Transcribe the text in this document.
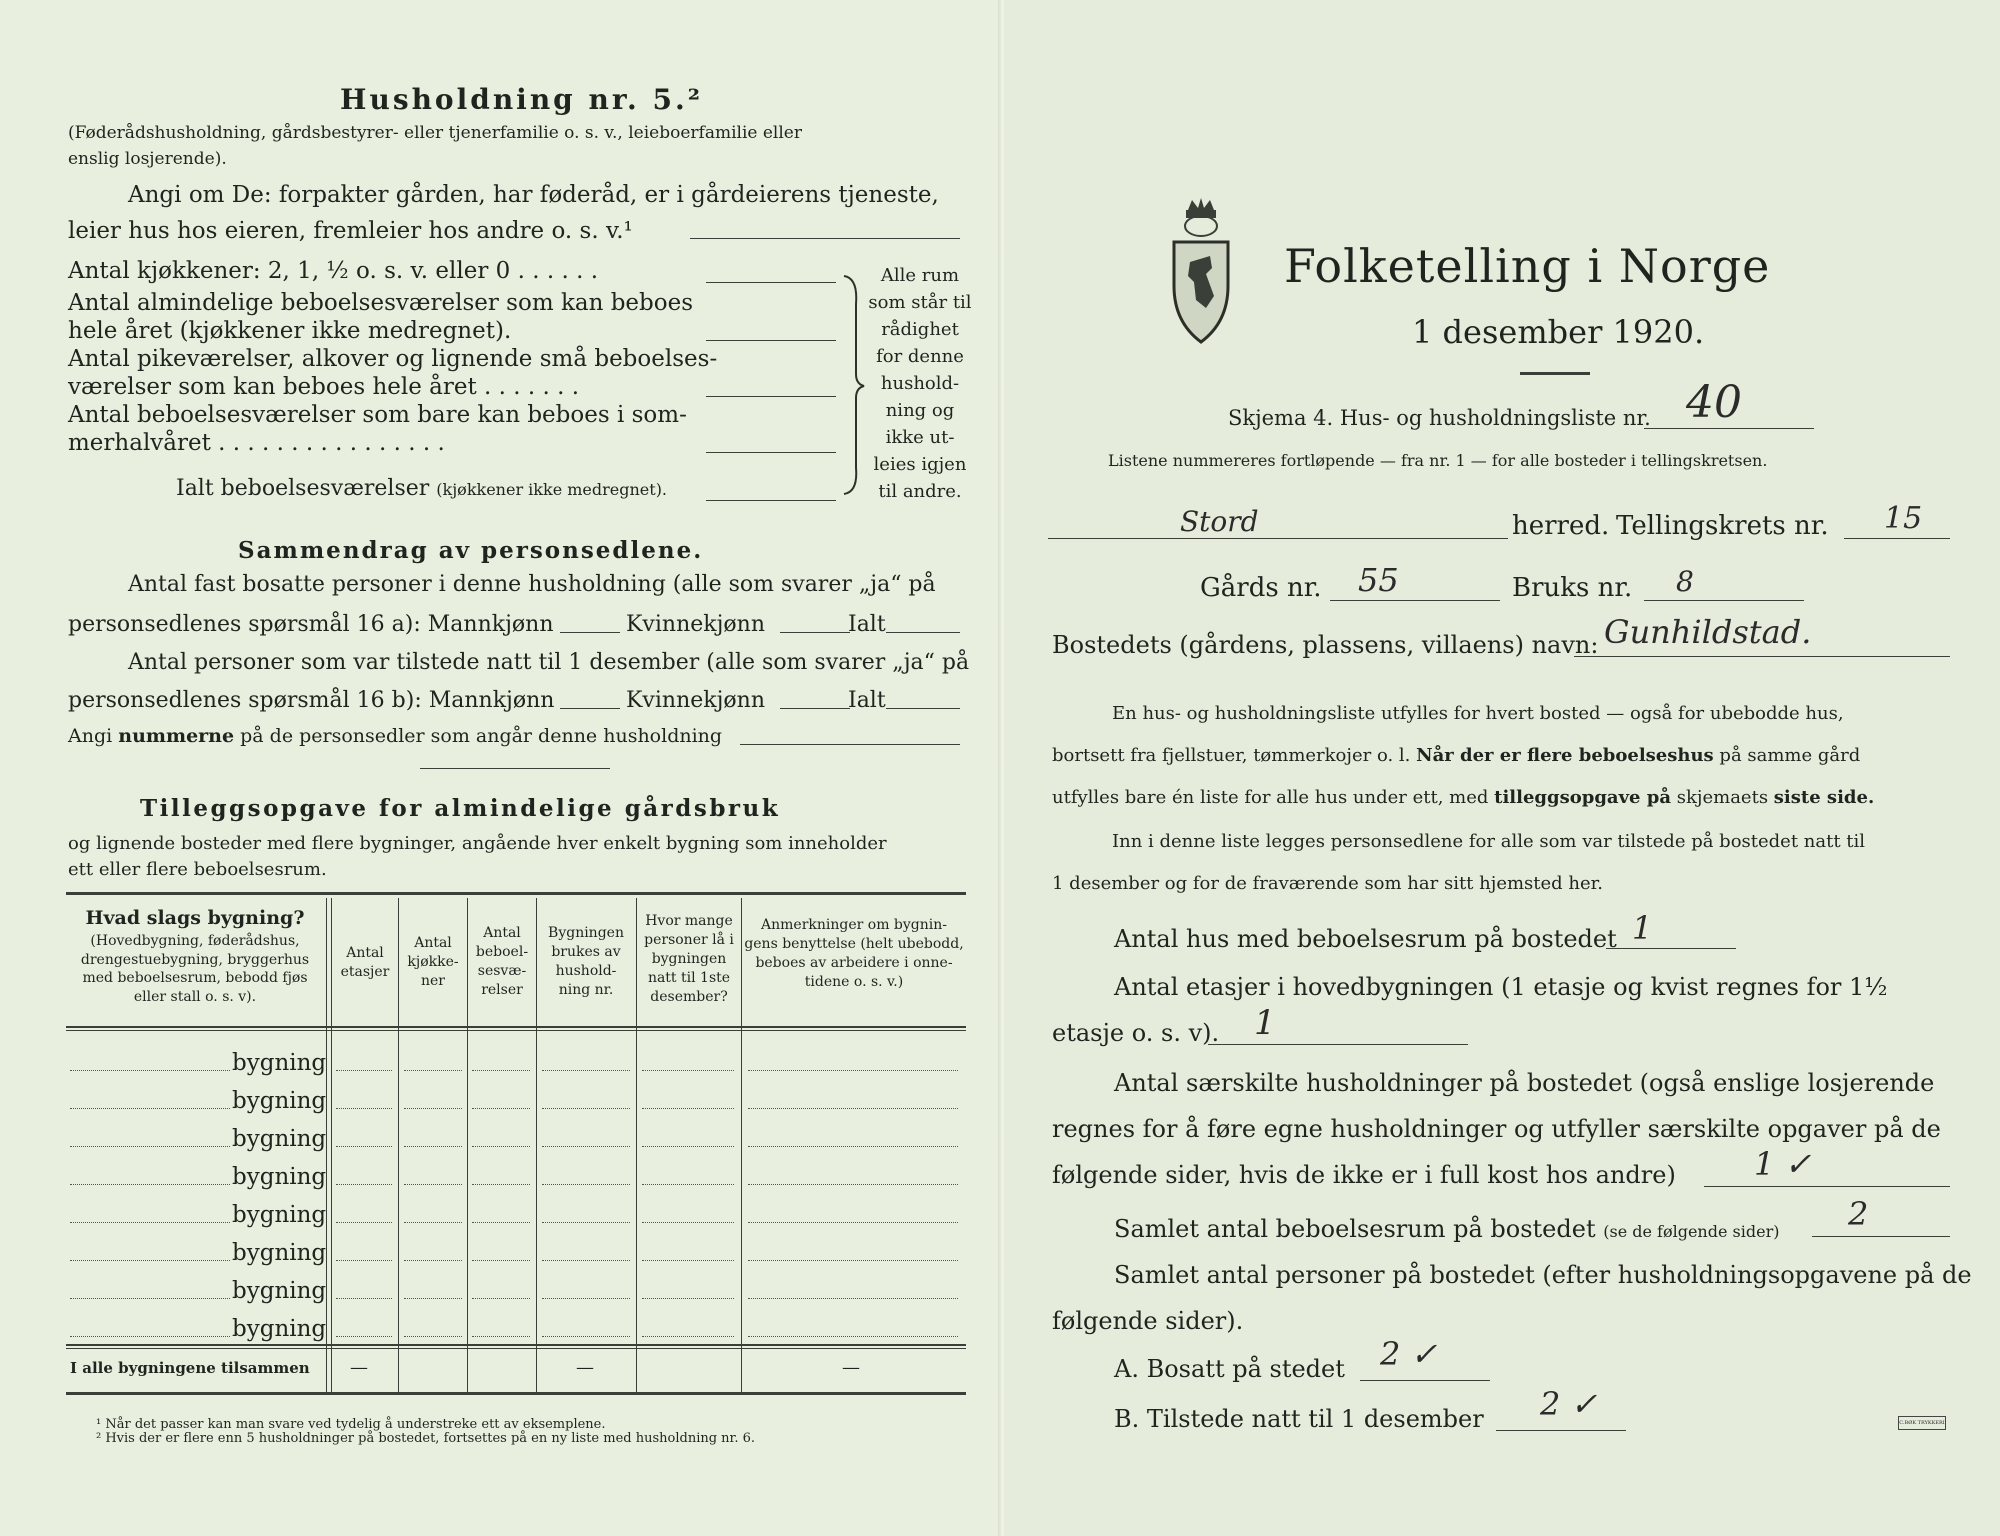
Husholdning nr. 5.²
(Føderådshusholdning, gårdsbestyrer- eller tjenerfamilie o. s. v., leieboerfamilie eller
enslig losjerende).
Angi om De: forpakter gården, har føderåd, er i gårdeierens tjeneste,
leier hus hos eieren, fremleier hos andre o. s. v.¹
Antal kjøkkener: 2, 1, ½ o. s. v. eller 0 . . . . . .
Antal almindelige beboelsesværelser som kan beboes
hele året (kjøkkener ikke medregnet).
Antal pikeværelser, alkover og lignende små beboelses-
værelser som kan beboes hele året . . . . . . .
Antal beboelsesværelser som bare kan beboes i som-
merhalvåret . . . . . . . . . . . . . . . .
Ialt beboelsesværelser (kjøkkener ikke medregnet).
Alle rum
som står til
rådighet
for denne
hushold-
ning og
ikke ut-
leies igjen
til andre.
Sammendrag av personsedlene.
Antal fast bosatte personer i denne husholdning (alle som svarer „ja“ på
personsedlenes spørsmål 16 a): Mannkjønn	Kvinnekjønn	Ialt
Antal personer som var tilstede natt til 1 desember (alle som svarer „ja“ på
personsedlenes spørsmål 16 b): Mannkjønn	Kvinnekjønn	Ialt
Angi nummerne på de personsedler som angår denne husholdning
Tilleggsopgave for almindelige gårdsbruk
og lignende bosteder med flere bygninger, angående hver enkelt bygning som inneholder
ett eller flere beboelsesrum.
Hvad slags bygning?
(Hovedbygning, føderådshus, drengestuebygning, bryggerhus med beboelsesrum, bebodd fjøs eller stall o. s. v).
Antal etasjer
Antal kjøkke- ner
Antal beboel- sesvæ- relser
Bygningen brukes av hushold- ning nr.
Hvor mange personer lå i bygningen natt til 1ste desember?
Anmerkninger om bygnin- gens benyttelse (helt ubebodd, beboes av arbeidere i onne- tidene o. s. v.)
bygning
bygning
bygning
bygning
bygning
bygning
bygning
bygning
I alle bygningene tilsammen —	—	—
¹ Når det passer kan man svare ved tydelig å understreke ett av eksemplene.
² Hvis der er flere enn 5 husholdninger på bostedet, fortsettes på en ny liste med husholdning nr. 6.
Folketelling i Norge
1 desember 1920.
Skjema 4. Hus- og husholdningsliste nr. 40
Listene nummereres fortløpende — fra nr. 1 — for alle bosteder i tellingskretsen.
Stord	herred. Tellingskrets nr. 15
Gårds nr. 55	Bruks nr. 8
Bostedets (gårdens, plassens, villaens) navn: Gunhildstad.
En hus- og husholdningsliste utfylles for hvert bosted — også for ubebodde hus,
bortsett fra fjellstuer, tømmerkojer o. l. Når der er flere beboelseshus på samme gård
utfylles bare én liste for alle hus under ett, med tilleggsopgave på skjemaets siste side.
Inn i denne liste legges personsedlene for alle som var tilstede på bostedet natt til
1 desember og for de fraværende som har sitt hjemsted her.
Antal hus med beboelsesrum på bostedet 1
Antal etasjer i hovedbygningen (1 etasje og kvist regnes for 1½
etasje o. s. v). 1
Antal særskilte husholdninger på bostedet (også enslige losjerende
regnes for å føre egne husholdninger og utfyller særskilte opgaver på de
følgende sider, hvis de ikke er i full kost hos andre) 1 ✓
Samlet antal beboelsesrum på bostedet (se de følgende sider) 2
Samlet antal personer på bostedet (efter husholdningsopgavene på de
følgende sider).
A. Bosatt på stedet 2 ✓
B. Tilstede natt til 1 desember 2 ✓	C.BØK TRYKKERI
